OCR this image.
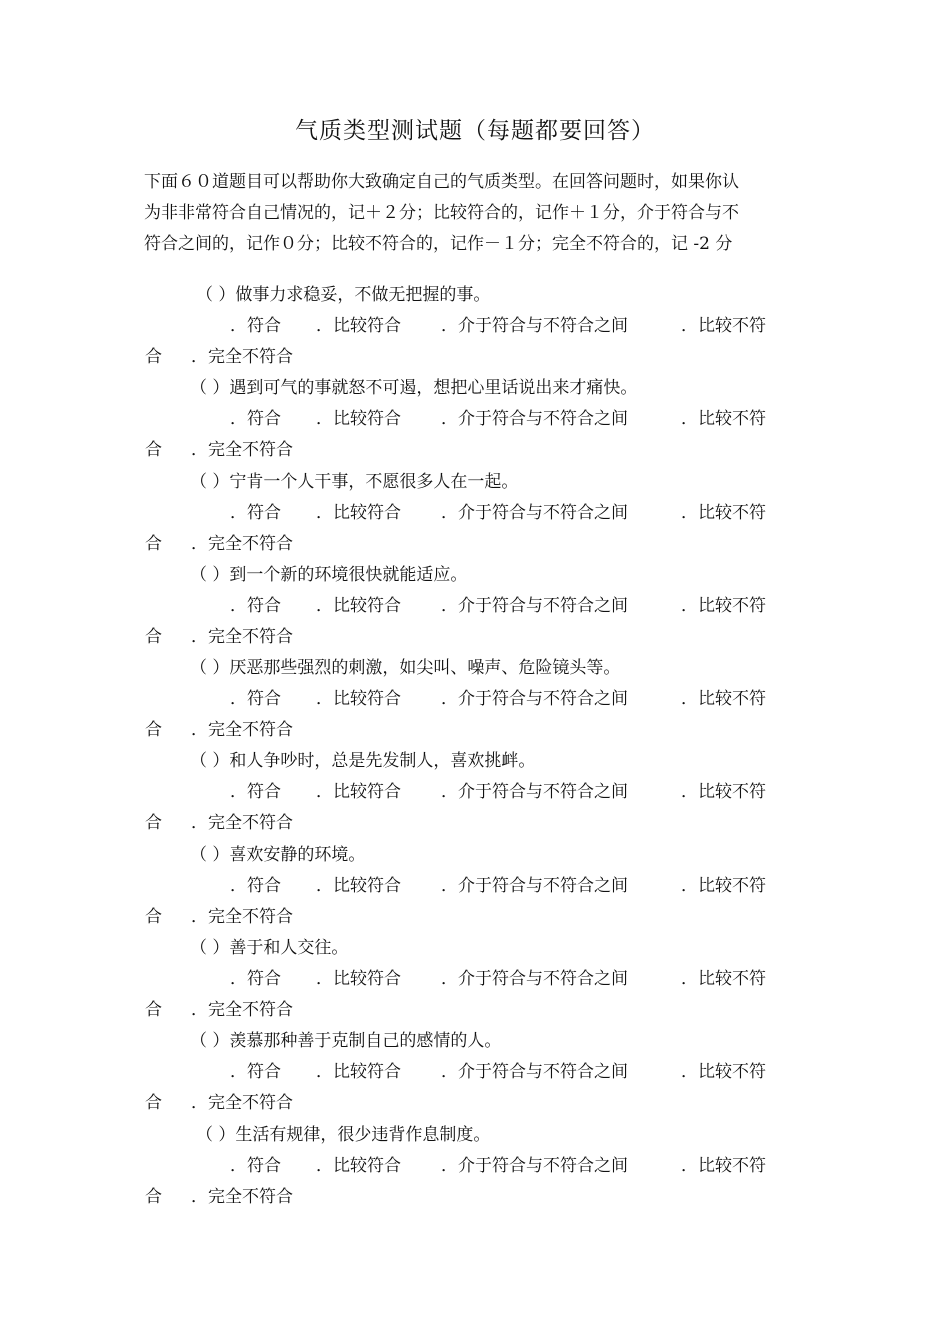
气质类型测试题（每题都要回答）
下面６０道题目可以帮助你大致确定自己的气质类型。在回答问题时，如果你认
为非非常符合自己情况的，记＋２分；比较符合的，记作＋１分，介于符合与不
符合之间的，记作０分；比较不符合的，记作－１分；完全不符合的，记 -2 分
（ ）做事力求稳妥，不做无把握的事。
．符合 ．比较符合 ．介于符合与不符合之间	．比较不符
合 ．完全不符合
（ ）遇到可气的事就怒不可遏，想把心里话说出来才痛快。
．符合 ．比较符合 ．介于符合与不符合之间	．比较不符
合 ．完全不符合
（ ）宁肯一个人干事，不愿很多人在一起。
．符合 ．比较符合 ．介于符合与不符合之间	．比较不符
合 ．完全不符合
（ ）到一个新的环境很快就能适应。
．符合 ．比较符合 ．介于符合与不符合之间	．比较不符
合 ．完全不符合
（ ）厌恶那些强烈的刺激，如尖叫、噪声、危险镜头等。
．符合 ．比较符合 ．介于符合与不符合之间	．比较不符
合 ．完全不符合
（ ）和人争吵时，总是先发制人，喜欢挑衅。
．符合 ．比较符合 ．介于符合与不符合之间	．比较不符
合 ．完全不符合
（ ）喜欢安静的环境。
．符合 ．比较符合 ．介于符合与不符合之间	．比较不符
合 ．完全不符合
（ ）善于和人交往。
．符合 ．比较符合 ．介于符合与不符合之间	．比较不符
合 ．完全不符合
（ ）羡慕那种善于克制自己的感情的人。
．符合 ．比较符合 ．介于符合与不符合之间	．比较不符
合 ．完全不符合
（ ）生活有规律，很少违背作息制度。
．符合 ．比较符合 ．介于符合与不符合之间	．比较不符
合 ．完全不符合
